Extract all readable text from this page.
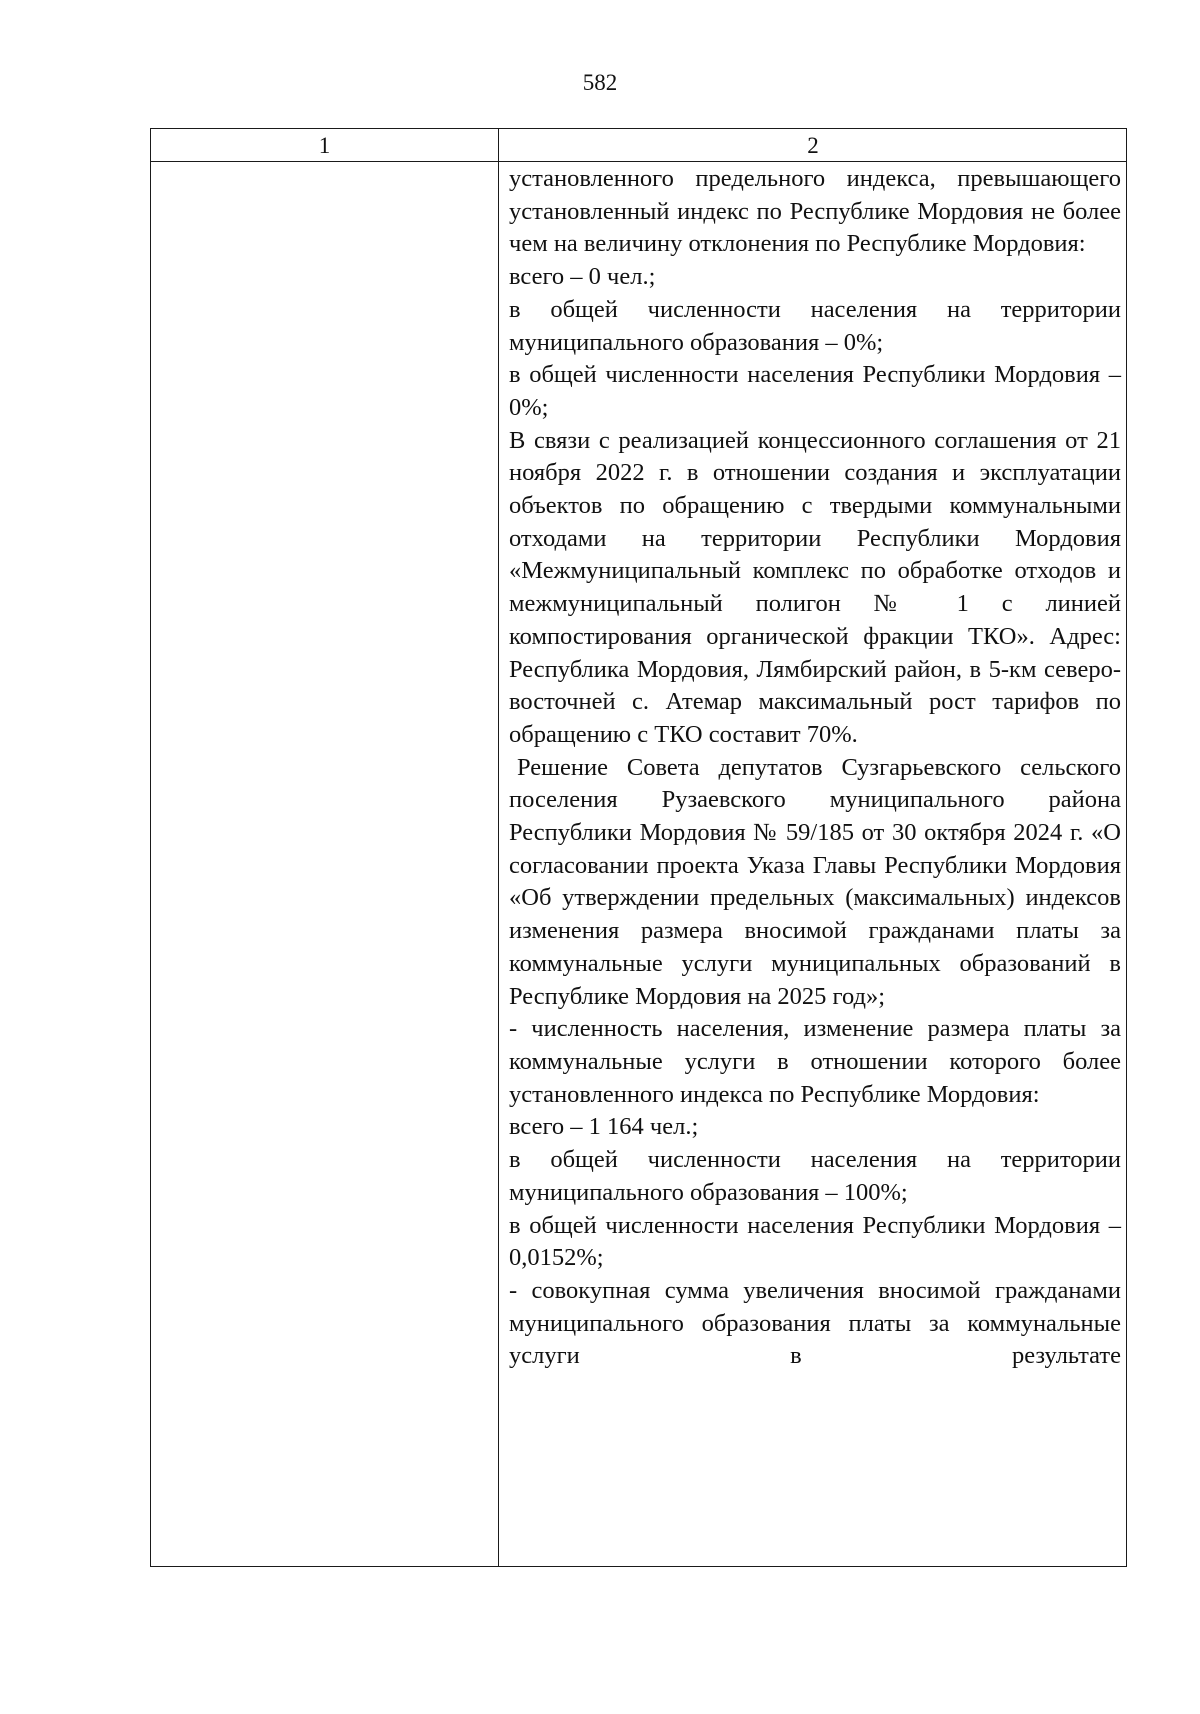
582
1	2

установленного предельного индекса, превышающего установленный индекс по Республике Мордовия не более чем на величину отклонения по Республике Мордовия:

всего – 0 чел.;

в общей численности населения на территории муниципального образования – 0%;

в общей численности населения Республики Мордовия – 0%;

В связи с реализацией концессионного соглашения от 21 ноября 2022 г. в отношении создания и эксплуатации объектов по обращению с твердыми коммунальными отходами на территории Республики Мордовия «Межмуниципальный комплекс по обработке отходов и межмуниципальный полигон № 1 с линией компостирования органической фракции ТКО». Адрес: Республика Мордовия, Лямбирский район, в 5-км северо-восточней с. Атемар максимальный рост тарифов по обращению с ТКО составит 70%.

Решение Совета депутатов Сузгарьевского сельского поселения Рузаевского муниципального района Республики Мордовия № 59/185 от 30 октября 2024 г. «О согласовании проекта Указа Главы Республики Мордовия «Об утверждении предельных (максимальных) индексов изменения размера вносимой гражданами платы за коммунальные услуги муниципальных образований в Республике Мордовия на 2025 год»;

- численность населения, изменение размера платы за коммунальные услуги в отношении которого более установленного индекса по Республике Мордовия:

всего – 1 164 чел.;

в общей численности населения на территории муниципального образования – 100%;

в общей численности населения Республики Мордовия – 0,0152%;

- совокупная сумма увеличения вносимой гражданами муниципального образования платы за коммунальные услуги в результате
